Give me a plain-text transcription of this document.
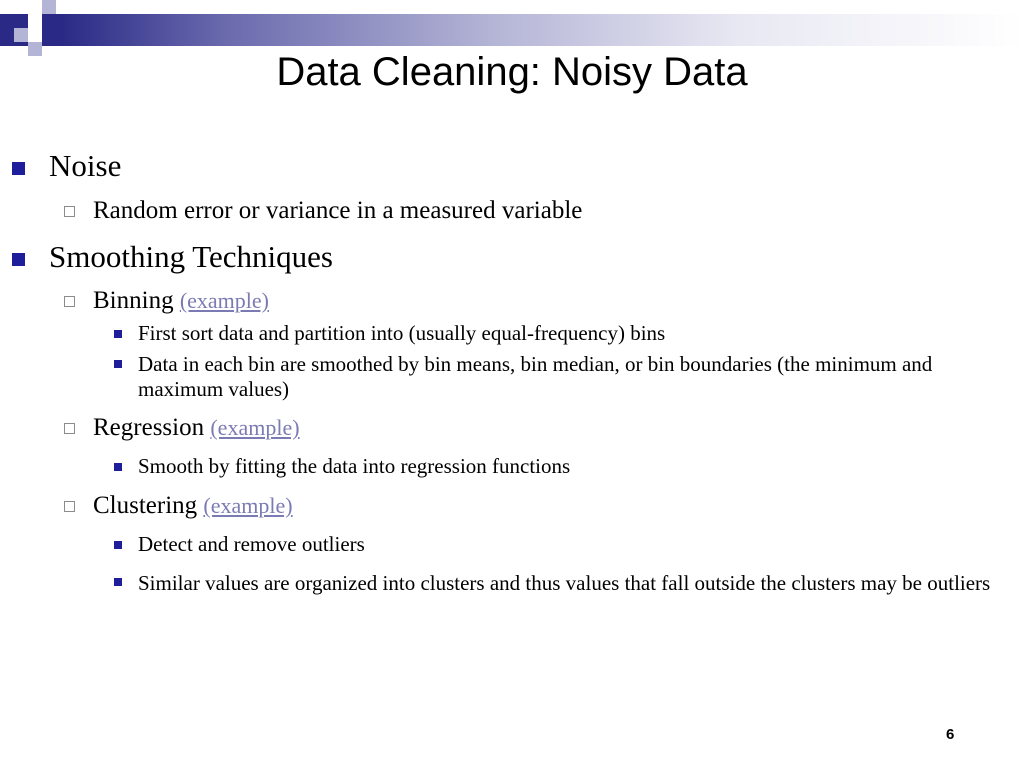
Data Cleaning: Noisy Data
Noise
Random error or variance in a measured variable
Smoothing Techniques
Binning (example)
First sort data and partition into (usually equal-frequency) bins
Data in each bin are smoothed by bin means, bin median, or bin boundaries (the minimum and maximum values)
Regression (example)
Smooth by fitting the data into regression functions
Clustering (example)
Detect and remove outliers
Similar values are organized into clusters and thus values that fall outside the clusters may be outliers
6
